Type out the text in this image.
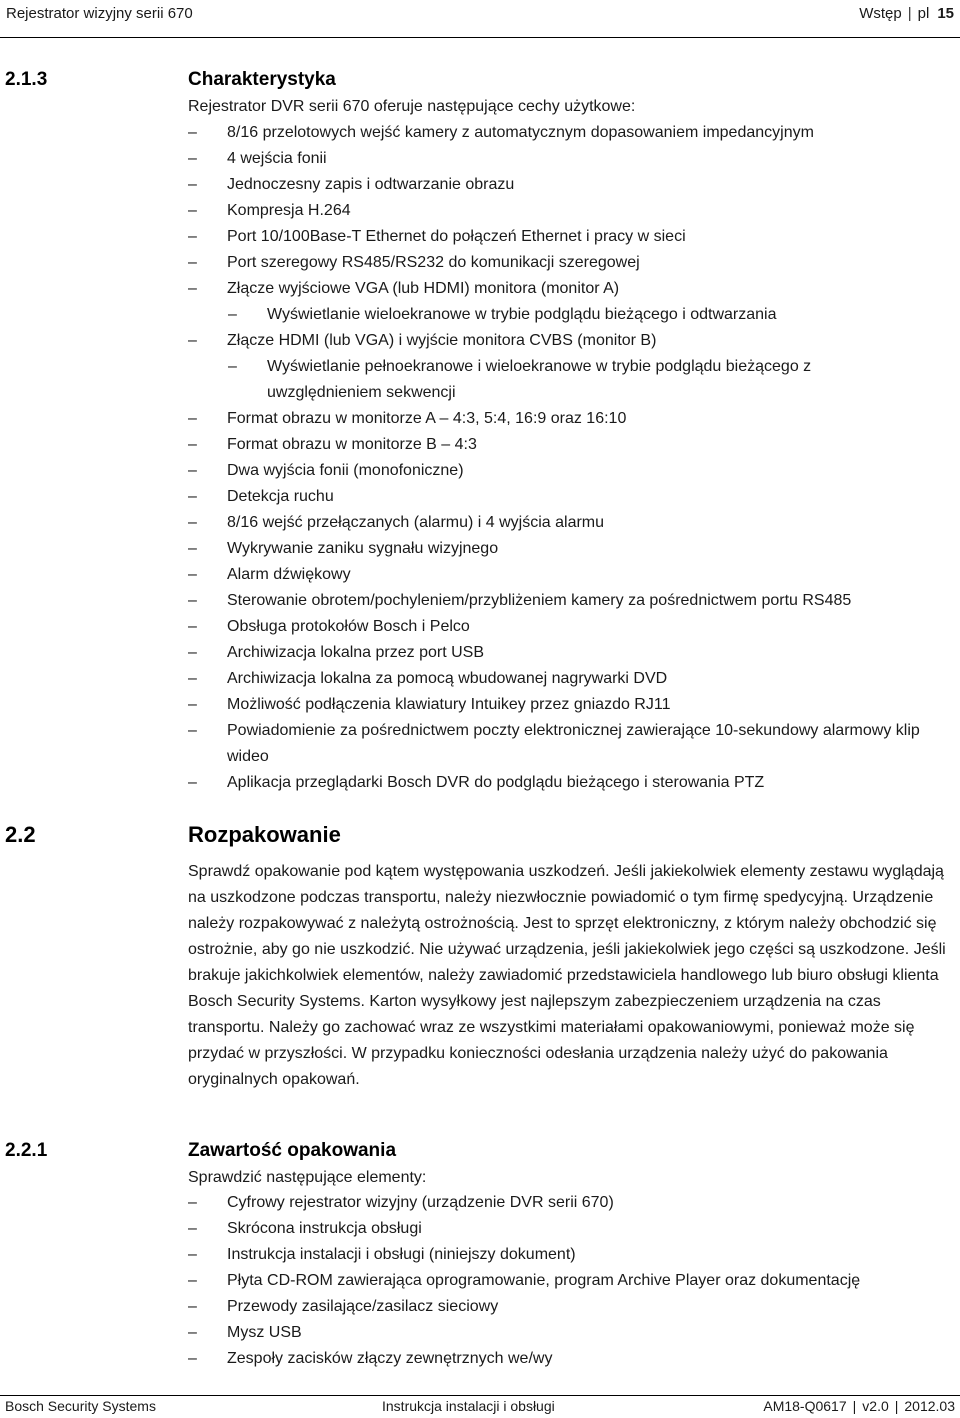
Rejestrator wizyjny serii 670	Wstęp | pl 15
2.1.3	Charakterystyka
Rejestrator DVR serii 670 oferuje następujące cechy użytkowe:
– 8/16 przelotowych wejść kamery z automatycznym dopasowaniem impedancyjnym
– 4 wejścia fonii
– Jednoczesny zapis i odtwarzanie obrazu
– Kompresja H.264
– Port 10/100Base-T Ethernet do połączeń Ethernet i pracy w sieci
– Port szeregowy RS485/RS232 do komunikacji szeregowej
– Złącze wyjściowe VGA (lub HDMI) monitora (monitor A)
– Wyświetlanie wieloekranowe w trybie podglądu bieżącego i odtwarzania
– Złącze HDMI (lub VGA) i wyjście monitora CVBS (monitor B)
– Wyświetlanie pełnoekranowe i wieloekranowe w trybie podglądu bieżącego z uwzględnieniem sekwencji
– Format obrazu w monitorze A – 4:3, 5:4, 16:9 oraz 16:10
– Format obrazu w monitorze B – 4:3
– Dwa wyjścia fonii (monofoniczne)
– Detekcja ruchu
– 8/16 wejść przełączanych (alarmu) i 4 wyjścia alarmu
– Wykrywanie zaniku sygnału wizyjnego
– Alarm dźwiękowy
– Sterowanie obrotem/pochyleniem/przybliżeniem kamery za pośrednictwem portu RS485
– Obsługa protokołów Bosch i Pelco
– Archiwizacja lokalna przez port USB
– Archiwizacja lokalna za pomocą wbudowanej nagrywarki DVD
– Możliwość podłączenia klawiatury Intuikey przez gniazdo RJ11
– Powiadomienie za pośrednictwem poczty elektronicznej zawierające 10-sekundowy alarmowy klip wideo
– Aplikacja przeglądarki Bosch DVR do podglądu bieżącego i sterowania PTZ
2.2	Rozpakowanie
Sprawdź opakowanie pod kątem występowania uszkodzeń. Jeśli jakiekolwiek elementy zestawu wyglądają na uszkodzone podczas transportu, należy niezwłocznie powiadomić o tym firmę spedycyjną. Urządzenie należy rozpakowywać z należytą ostrożnością. Jest to sprzęt elektroniczny, z którym należy obchodzić się ostrożnie, aby go nie uszkodzić. Nie używać urządzenia, jeśli jakiekolwiek jego części są uszkodzone. Jeśli brakuje jakichkolwiek elementów, należy zawiadomić przedstawiciela handlowego lub biuro obsługi klienta Bosch Security Systems. Karton wysyłkowy jest najlepszym zabezpieczeniem urządzenia na czas transportu. Należy go zachować wraz ze wszystkimi materiałami opakowaniowymi, ponieważ może się przydać w przyszłości. W przypadku konieczności odesłania urządzenia należy użyć do pakowania oryginalnych opakowań.
2.2.1	Zawartość opakowania
Sprawdzić następujące elementy:
– Cyfrowy rejestrator wizyjny (urządzenie DVR serii 670)
– Skrócona instrukcja obsługi
– Instrukcja instalacji i obsługi (niniejszy dokument)
– Płyta CD-ROM zawierająca oprogramowanie, program Archive Player oraz dokumentację
– Przewody zasilające/zasilacz sieciowy
– Mysz USB
– Zespoły zacisków złączy zewnętrznych we/wy
Bosch Security Systems	Instrukcja instalacji i obsługi	AM18-Q0617 | v2.0 | 2012.03
